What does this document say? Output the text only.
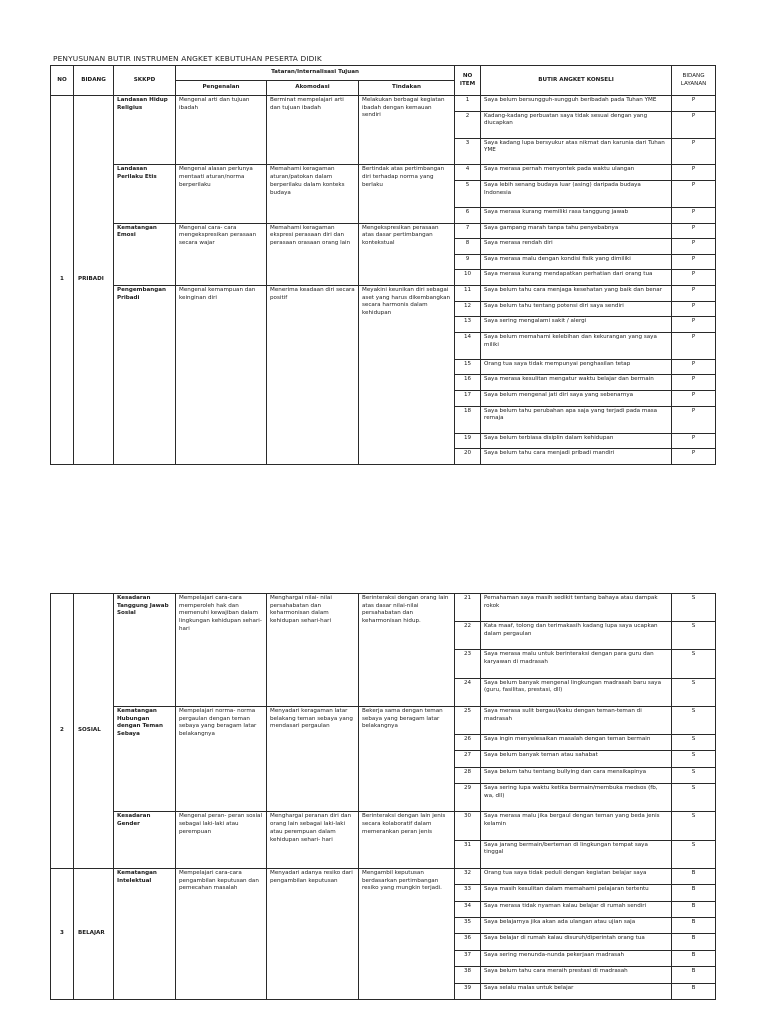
PENYUSUNAN BUTIR INSTRUMEN ANGKET KEBUTUHAN PESERTA DIDIK
NO	BIDANG	SKKPD	Tataran/Internalisasi Tujuan			NO ITEM	BUTIR ANGKET KONSELI	BIDANG LAYANAN
			Pengenalan	Akomodasi	Tindakan			
1	PRIBADI	Landasan Hidup Religius	Mengenal arti dan tujuan ibadah	Berminat mempelajari arti dan tujuan ibadah	Melakukan berbagai kegiatan ibadah dengan kemauan sendiri	1	Saya belum bersungguh-sungguh beribadah pada Tuhan YME	P
						2	Kadang-kadang perbuatan saya tidak sesuai dengan yang diucapkan	P
						3	Saya kadang lupa bersyukur atas nikmat dan karunia dari Tuhan YME	P
		Landasan Perilaku Etis	Mengenal alasan perlunya mentaati aturan/norma berperilaku	Memahami keragaman aturan/patokan dalam berperilaku dalam konteks budaya	Bertindak atas pertimbangan diri terhadap norma yang berlaku	4	Saya merasa pernah menyontek pada waktu ulangan	P
						5	Saya lebih senang budaya luar (asing) daripada budaya Indonesia	P
						6	Saya merasa kurang memiliki rasa tanggung jawab	P
		Kematangan Emosi	Mengenal cara- cara mengekspresikan perasaan secara wajar	Memahami keragaman ekspresi perasaan diri dan perasaan orasaan orang lain	Mengekspresikan perasaan atas dasar pertimbangan kontekstual	7	Saya gampang marah tanpa tahu penyebabnya	P
						8	Saya merasa rendah diri	P
						9	Saya merasa malu dengan kondisi fisik yang dimiliki	P
						10	Saya merasa kurang mendapatkan perhatian dari orang tua	P
		Pengembangan Pribadi	Mengenal kemampuan dan keinginan diri	Menerima keadaan diri secara positif	Meyakini keunikan diri sebagai aset yang harus dikembangkan secara harmonis dalam kehidupan	11	Saya belum tahu cara menjaga kesehatan yang baik dan benar	P
						12	Saya belum tahu tentang potensi diri saya sendiri	P
						13	Saya sering mengalami sakit / alergi	P
						14	Saya belum memahami kelebihan dan kekurangan yang saya miliki	P
						15	Orang tua saya tidak mempunyai penghasilan tetap	P
						16	Saya merasa kesulitan mengatur waktu belajar dan bermain	P
						17	Saya belum mengenal jati diri saya yang sebenarnya	P
						18	Saya belum tahu perubahan apa saja yang terjadi pada masa remaja	P
						19	Saya belum terbiasa disiplin dalam kehidupan	P
						20	Saya belum tahu cara menjadi pribadi mandiri	P
2	SOSIAL	Kesadaran Tanggung Jawab Sosial	Mempelajari cara-cara memperoleh hak dan memenuhi kewajiban dalam lingkungan kehidupan sehari-hari	Menghargai nilai- nilai persahabatan dan keharmonisan dalam kehidupan sehari-hari	Berinteraksi dengan orang lain atas dasar nilai-nilai persahabatan dan keharmonisan hidup.	21	Pemahaman saya masih sedikit tentang bahaya atau dampak rokok	S
						22	Kata maaf, tolong dan terimakasih kadang lupa saya ucapkan dalam pergaulan	S
						23	Saya merasa malu untuk berinteraksi dengan para guru dan karyawan di madrasah	S
						24	Saya belum banyak mengenal lingkungan madrasah baru saya (guru, fasilitas, prestasi, dll)	S
		Kematangan Hubungan dengan Teman Sebaya	Mempelajari norma- norma pergaulan dengan teman sebaya yang beragam latar belakangnya	Menyadari keragaman latar belakang teman sebaya yang mendasari pergaulan	Bekerja sama dengan teman sebaya yang beragam latar belakangnya	25	Saya merasa sulit bergaul/kaku dengan teman-teman di madrasah	S
						26	Saya ingin menyelesaikan masalah dengan teman bermain	S
						27	Saya belum banyak teman atau sahabat	S
						28	Saya belum tahu tentang bullying dan cara mensikapinya	S
						29	Saya sering lupa waktu ketika bermain/membuka medsos (fb, wa, dll)	S
		Kesadaran Gender	Mengenal peran- peran sosial sebagai laki-laki atau perempuan	Menghargai peranan diri dan orang lain sebagai laki-laki atau perempuan dalam kehidupan sehari- hari	Berinteraksi dengan lain jenis secara kolaboratif dalam memerankan peran jenis	30	Saya merasa malu jika bergaul dengan teman yang beda jenis kelamin	S
						31	Saya jarang bermain/berteman di lingkungan tempat saya tinggal	S
3	BELAJAR	Kematangan Intelektual	Mempelajari cara-cara pengambilan keputusan dan pemecahan masalah	Menyadari adanya resiko dari pengambilan keputusan	Mengambil keputusan berdasarkan pertimbangan resiko yang mungkin terjadi.	32	Orang tua saya tidak peduli dengan kegiatan belajar saya	B
						33	Saya masih kesulitan dalam memahami pelajaran tertentu	B
						34	Saya merasa tidak nyaman kalau belajar di rumah sendiri	B
						35	Saya belajarnya jika akan ada ulangan atau ujian saja	B
						36	Saya belajar di rumah kalau disuruh/diperintah orang tua	B
						37	Saya sering menunda-nunda pekerjaan madrasah	B
						38	Saya belum tahu cara meraih prestasi di madrasah	B
						39	Saya selalu malas untuk belajar	B
